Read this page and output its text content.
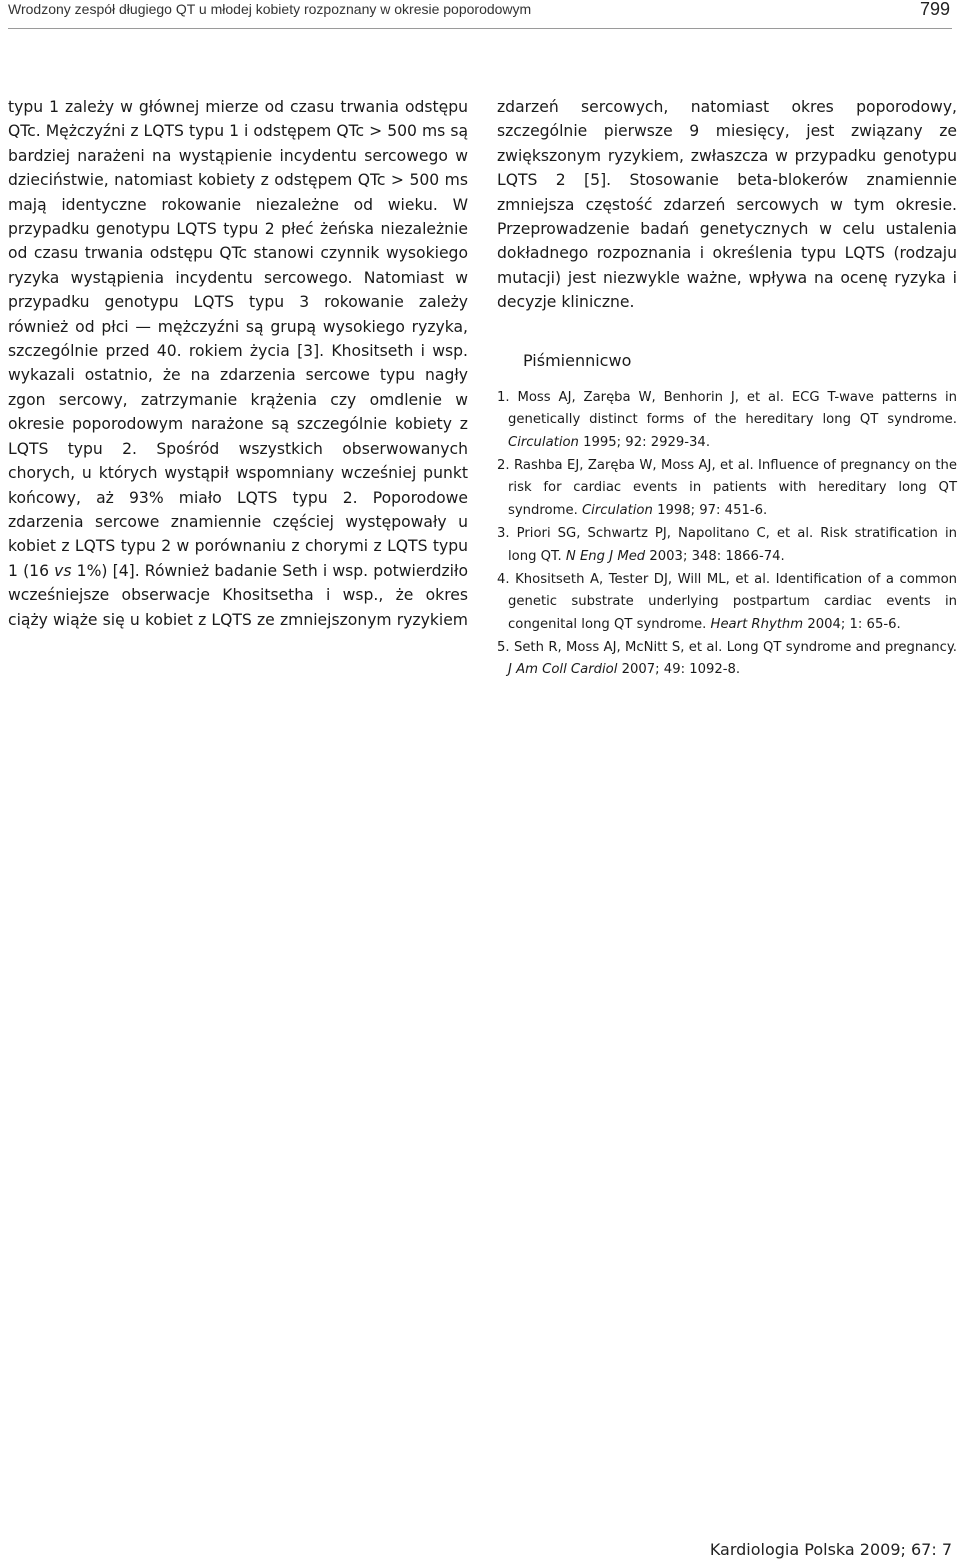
Wrodzony zespół długiego QT u młodej kobiety rozpoznany w okresie poporodowym	799

typu 1 zależy w głównej mierze od czasu trwania odstępu QTc. Mężczyźni z LQTS typu 1 i odstępem QTc > 500 ms są bardziej narażeni na wystąpienie incydentu sercowego w dzieciństwie, natomiast kobiety z odstępem QTc > 500 ms mają identyczne rokowanie niezależne od wieku. W przypadku genotypu LQTS typu 2 płeć żeńska niezależnie od czasu trwania odstępu QTc stanowi czynnik wysokiego ryzyka wystąpienia incydentu sercowego. Natomiast w przypadku genotypu LQTS typu 3 rokowanie zależy również od płci — mężczyźni są grupą wysokiego ryzyka, szczególnie przed 40. rokiem życia [3]. Khositseth i wsp. wykazali ostatnio, że na zdarzenia sercowe typu nagły zgon sercowy, zatrzymanie krążenia czy omdlenie w okresie poporodowym narażone są szczególnie kobiety z LQTS typu 2. Spośród wszystkich obserwowanych chorych, u których wystąpił wspomniany wcześniej punkt końcowy, aż 93% miało LQTS typu 2. Poporodowe zdarzenia sercowe znamiennie częściej występowały u kobiet z LQTS typu 2 w porównaniu z chorymi z LQTS typu 1 (16 vs 1%) [4]. Również badanie Seth i wsp. potwierdziło wcześniejsze obserwacje Khositsetha i wsp., że okres ciąży wiąże się u kobiet z LQTS ze zmniejszonym ryzykiem

zdarzeń sercowych, natomiast okres poporodowy, szczególnie pierwsze 9 miesięcy, jest związany ze zwiększonym ryzykiem, zwłaszcza w przypadku genotypu LQTS 2 [5]. Stosowanie beta-blokerów znamiennie zmniejsza częstość zdarzeń sercowych w tym okresie. Przeprowadzenie badań genetycznych w celu ustalenia dokładnego rozpoznania i określenia typu LQTS (rodzaju mutacji) jest niezwykle ważne, wpływa na ocenę ryzyka i decyzje kliniczne.

Piśmiennicwo
1. Moss AJ, Zaręba W, Benhorin J, et al. ECG T-wave patterns in genetically distinct forms of the hereditary long QT syndrome. Circulation 1995; 92: 2929-34.
2. Rashba EJ, Zaręba W, Moss AJ, et al. Influence of pregnancy on the risk for cardiac events in patients with hereditary long QT syndrome. Circulation 1998; 97: 451-6.
3. Priori SG, Schwartz PJ, Napolitano C, et al. Risk stratification in long QT. N Eng J Med 2003; 348: 1866-74.
4. Khositseth A, Tester DJ, Will ML, et al. Identification of a common genetic substrate underlying postpartum cardiac events in congenital long QT syndrome. Heart Rhythm 2004; 1: 65-6.
5. Seth R, Moss AJ, McNitt S, et al. Long QT syndrome and pregnancy. J Am Coll Cardiol 2007; 49: 1092-8.
Kardiologia Polska 2009; 67: 7
